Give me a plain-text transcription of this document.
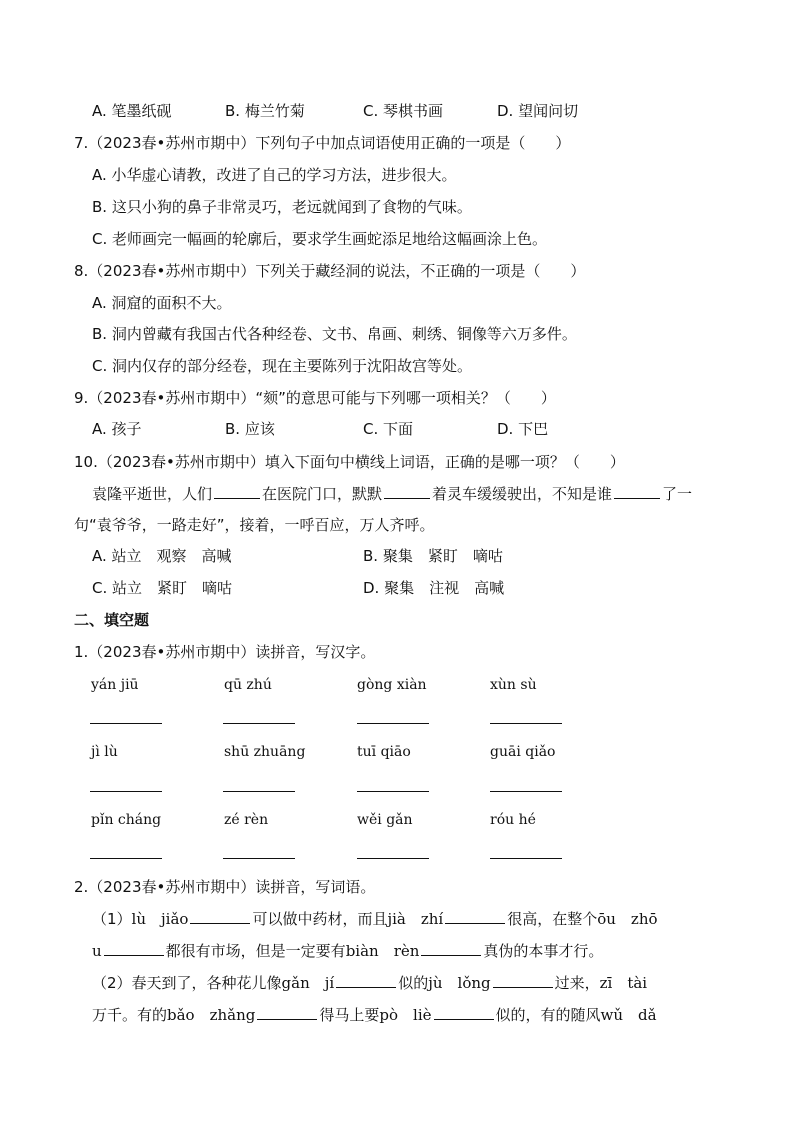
A. 笔墨纸砚	B. 梅兰竹菊	C. 琴棋书画	D. 望闻问切
7.（2023春•苏州市期中）下列句子中加点词语使用正确的一项是（　　）
A. 小华虚心请教，改进了自己的学习方法，进步很大。
B. 这只小狗的鼻子非常灵巧，老远就闻到了食物的气味。
C. 老师画完一幅画的轮廓后，要求学生画蛇添足地给这幅画涂上色。
8.（2023春•苏州市期中）下列关于藏经洞的说法，不正确的一项是（　　）
A. 洞窟的面积不大。
B. 洞内曾藏有我国古代各种经卷、文书、帛画、刺绣、铜像等六万多件。
C. 洞内仅存的部分经卷，现在主要陈列于沈阳故宫等处。
9.（2023春•苏州市期中）“颏”的意思可能与下列哪一项相关？（　　）
A. 孩子	B. 应该	C. 下面	D. 下巴
10.（2023春•苏州市期中）填入下面句中横线上词语，正确的是哪一项？（　　）
袁隆平逝世，人们	在医院门口，默默	着灵车缓缓驶出，不知是谁	了一
句“袁爷爷，一路走好”，接着，一呼百应，万人齐呼。
A. 站立　观察　高喊	B. 聚集　紧盯　嘀咕
C. 站立　紧盯　嘀咕	D. 聚集　注视　高喊
二、填空题
1.（2023春•苏州市期中）读拼音，写汉字。
yán jiū	qū zhú	gòng xiàn	xùn sù
jì lù	shū zhuāng	tuī qiāo	guāi qiǎo
pǐn cháng	zé rèn	wěi gǎn	róu hé
2.（2023春•苏州市期中）读拼音，写词语。
（1）lù　jiǎo	可以做中药材，而且jià　zhí	很高，在整个ōu　zhō
u	都很有市场，但是一定要有biàn　rèn	真伪的本事才行。
（2）春天到了，各种花儿像gǎn　jí	似的jù　lǒng	过来，zī　tài
万千。有的bǎo　zhǎng	得马上要pò　liè	似的，有的随风wǔ　dǎ
